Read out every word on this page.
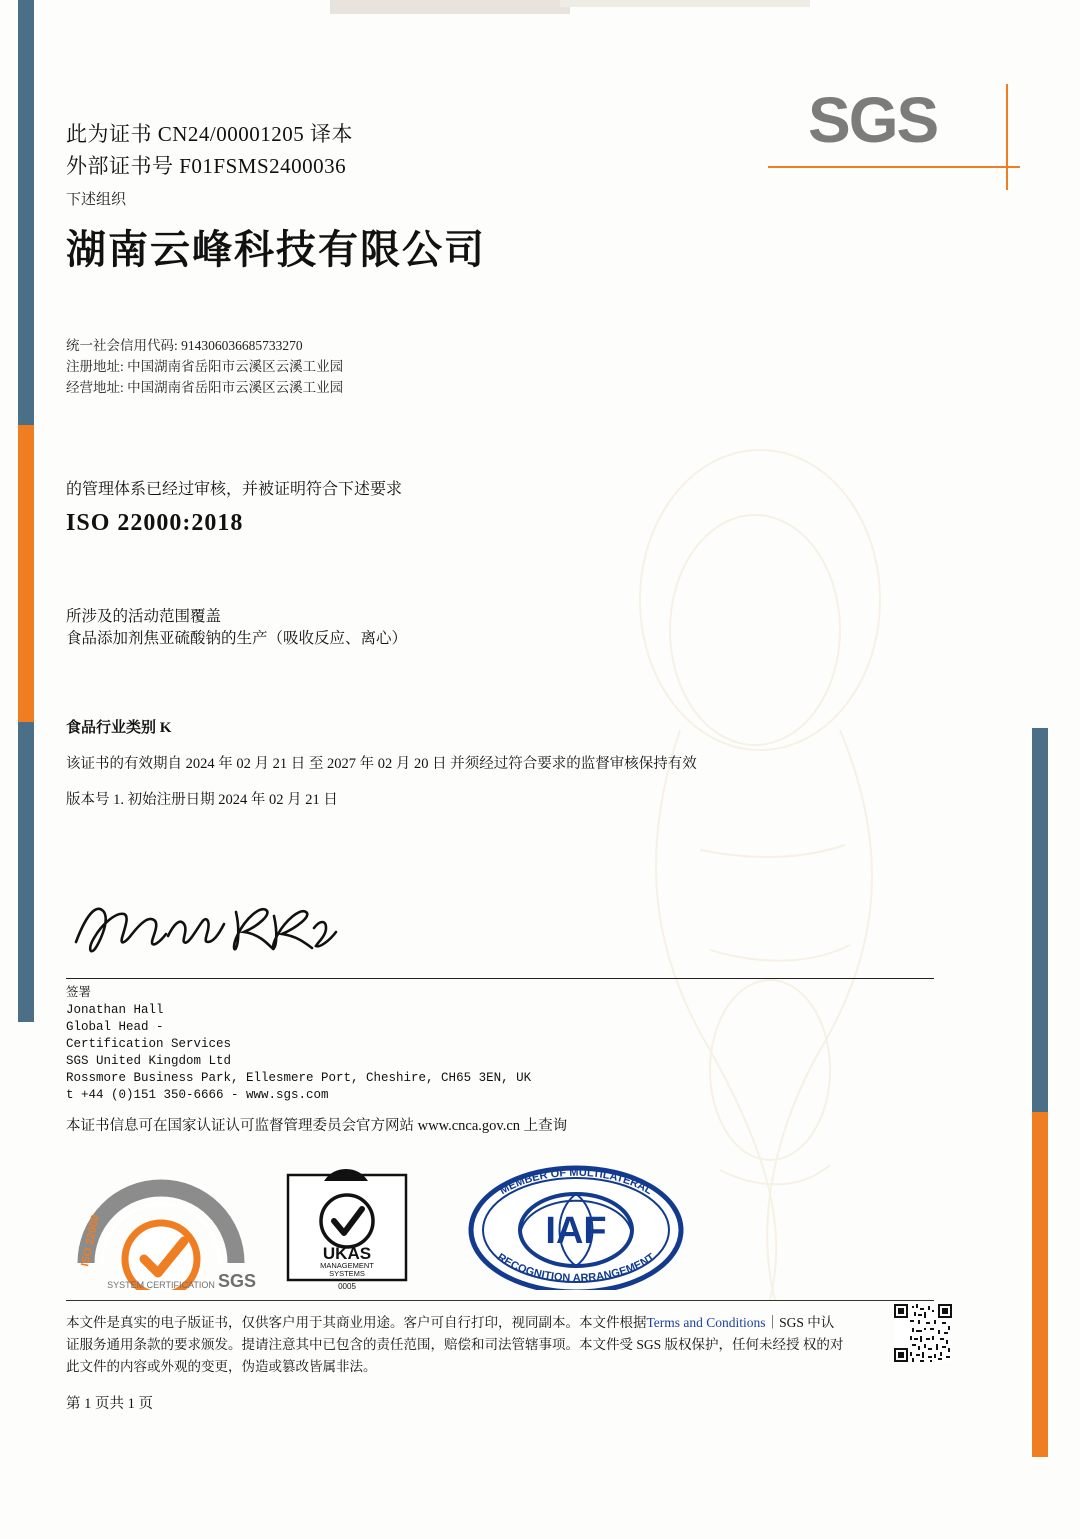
SGS
此为证书 CN24/00001205 译本
外部证书号 F01FSMS2400036
下述组织
湖南云峰科技有限公司
统一社会信用代码: 914306036685733270
注册地址: 中国湖南省岳阳市云溪区云溪工业园
经营地址: 中国湖南省岳阳市云溪区云溪工业园
的管理体系已经过审核，并被证明符合下述要求
ISO 22000:2018
所涉及的活动范围覆盖
食品添加剂焦亚硫酸钠的生产（吸收反应、离心）
食品行业类别 K
该证书的有效期自 2024 年 02 月 21 日 至 2027 年 02 月 20 日 并须经过符合要求的监督审核保持有效
版本号 1. 初始注册日期 2024 年 02 月 21 日
签署
Jonathan Hall
Global Head -
Certification Services
SGS United Kingdom Ltd
Rossmore Business Park, Ellesmere Port, Cheshire, CH65 3EN, UK
t +44 (0)151 350-6666 - www.sgs.com
本证书信息可在国家认证认可监督管理委员会官方网站 www.cnca.gov.cn 上查询
SYSTEM CERTIFICATION SGS
ISO 22000	UKAS
MANAGEMENT
SYSTEMS
0005
IAF
MEMBER OF MULTILATERAL
RECOGNITION ARRANGEMENT
本文件是真实的电子版证书，仅供客户用于其商业用途。客户可自行打印，视同副本。本文件根据Terms and Conditions｜SGS 中认证服务通用条款的要求颁发。提请注意其中已包含的责任范围，赔偿和司法管辖事项。本文件受 SGS 版权保护，任何未经授 权的对此文件的内容或外观的变更，伪造或篡改皆属非法。
第 1 页共 1 页
